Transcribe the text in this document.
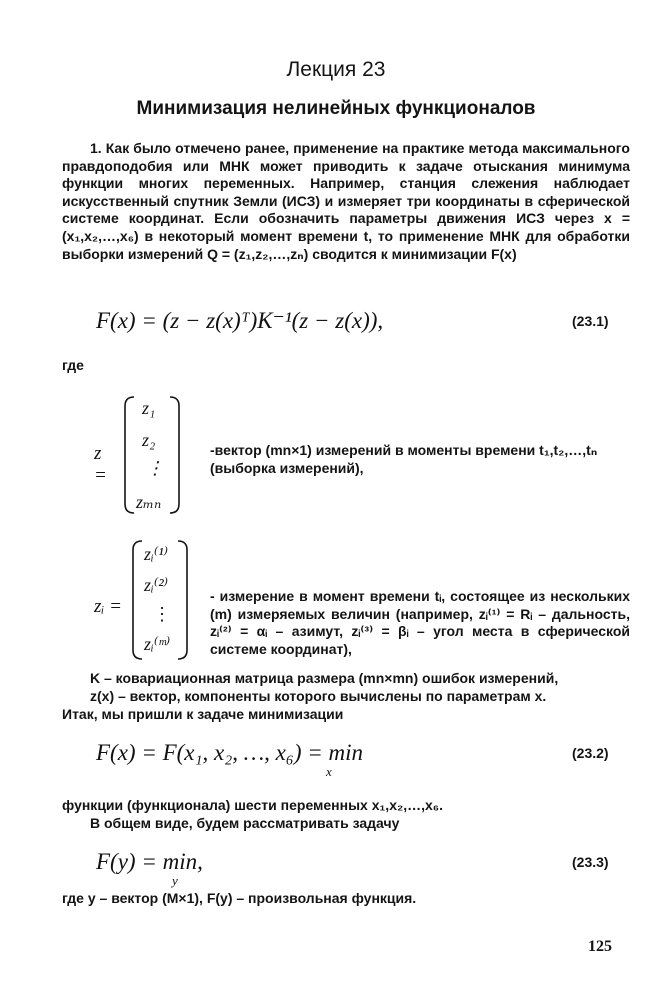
Лекция 23
Минимизация нелинейных функционалов
1. Как было отмечено ранее, применение на практике метода максимального правдоподобия или МНК может приводить к задаче отыскания минимума функции многих переменных. Например, станция слежения наблюдает искусственный спутник Земли (ИСЗ) и измеряет три координаты в сферической системе координат. Если обозначить параметры движения ИСЗ через x = (x₁,x₂,…,x₆) в некоторый момент времени t, то применение МНК для обработки выборки измерений Q = (z₁,z₂,…,zₙ) сводится к минимизации F(x)
F(x) = (z − z(x)ᵀ)K⁻¹(z − z(x)),	(23.1)
где
z =
z₁
z₂
⋮
zₘₙ
-вектор (mn×1) измерений в моменты времени t₁,t₂,…,tₙ (выборка измерений),
zᵢ =
zᵢ⁽¹⁾
zᵢ⁽²⁾
⋮
zᵢ⁽ᵐ⁾
- измерение в момент времени tᵢ, состоящее из нескольких (m) измеряемых величин (например, zᵢ⁽¹⁾ = Rᵢ – дальность, zᵢ⁽²⁾ = αᵢ – азимут, zᵢ⁽³⁾ = βᵢ – угол места в сферической системе координат),
K – ковариационная матрица размера (mn×mn) ошибок измерений,
z(x) – вектор, компоненты которого вычислены по параметрам x.
Итак, мы пришли к задаче минимизации
F(x) = F(x₁, x₂, …, x₆) = min
x
(23.2)
функции (функционала) шести переменных x₁,x₂,…,x₆.
В общем виде, будем рассматривать задачу
F(y) = min,
y
(23.3)
где y – вектор (M×1), F(y) – произвольная функция.
125
